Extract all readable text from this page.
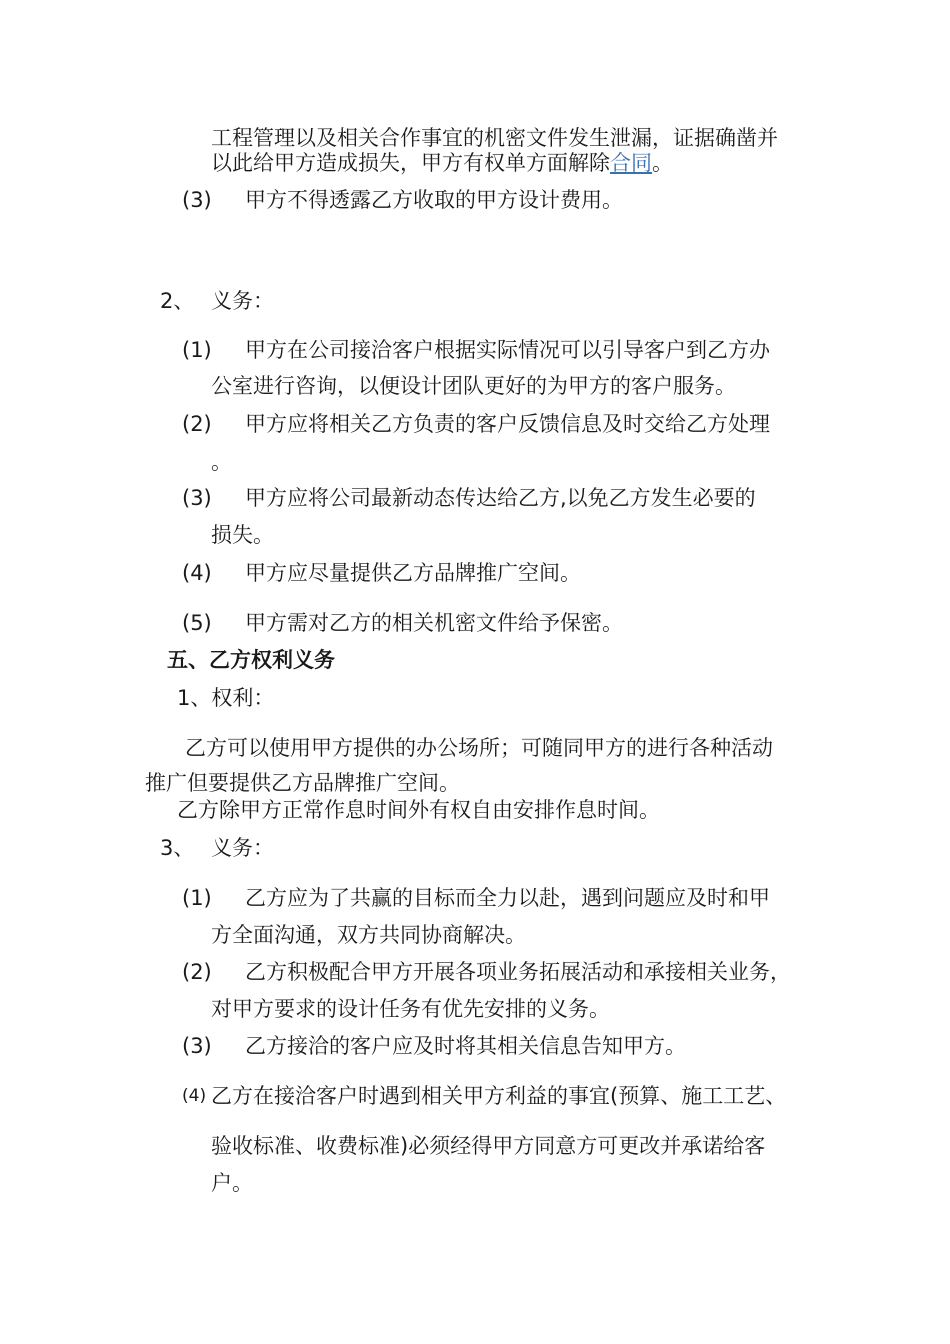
工程管理以及相关合作事宜的机密文件发生泄漏，证据确凿并
以此给甲方造成损失，甲方有权单方面解除合同。
(3) 甲方不得透露乙方收取的甲方设计费用。
2、 义务：
(1) 甲方在公司接洽客户根据实际情况可以引导客户到乙方办
公室进行咨询，以便设计团队更好的为甲方的客户服务。
(2) 甲方应将相关乙方负责的客户反馈信息及时交给乙方处理
。
(3) 甲方应将公司最新动态传达给乙方,以免乙方发生必要的
损失。
(4) 甲方应尽量提供乙方品牌推广空间。
(5) 甲方需对乙方的相关机密文件给予保密。
五、乙方权利义务
1、权利：
乙方可以使用甲方提供的办公场所；可随同甲方的进行各种活动
推广但要提供乙方品牌推广空间。
乙方除甲方正常作息时间外有权自由安排作息时间。
3、 义务：
(1) 乙方应为了共赢的目标而全力以赴，遇到问题应及时和甲
方全面沟通，双方共同协商解决。
(2) 乙方积极配合甲方开展各项业务拓展活动和承接相关业务，
对甲方要求的设计任务有优先安排的义务。
(3) 乙方接洽的客户应及时将其相关信息告知甲方。
(4) 乙方在接洽客户时遇到相关甲方利益的事宜(预算、施工工艺、
验收标准、收费标准)必须经得甲方同意方可更改并承诺给客
户。
